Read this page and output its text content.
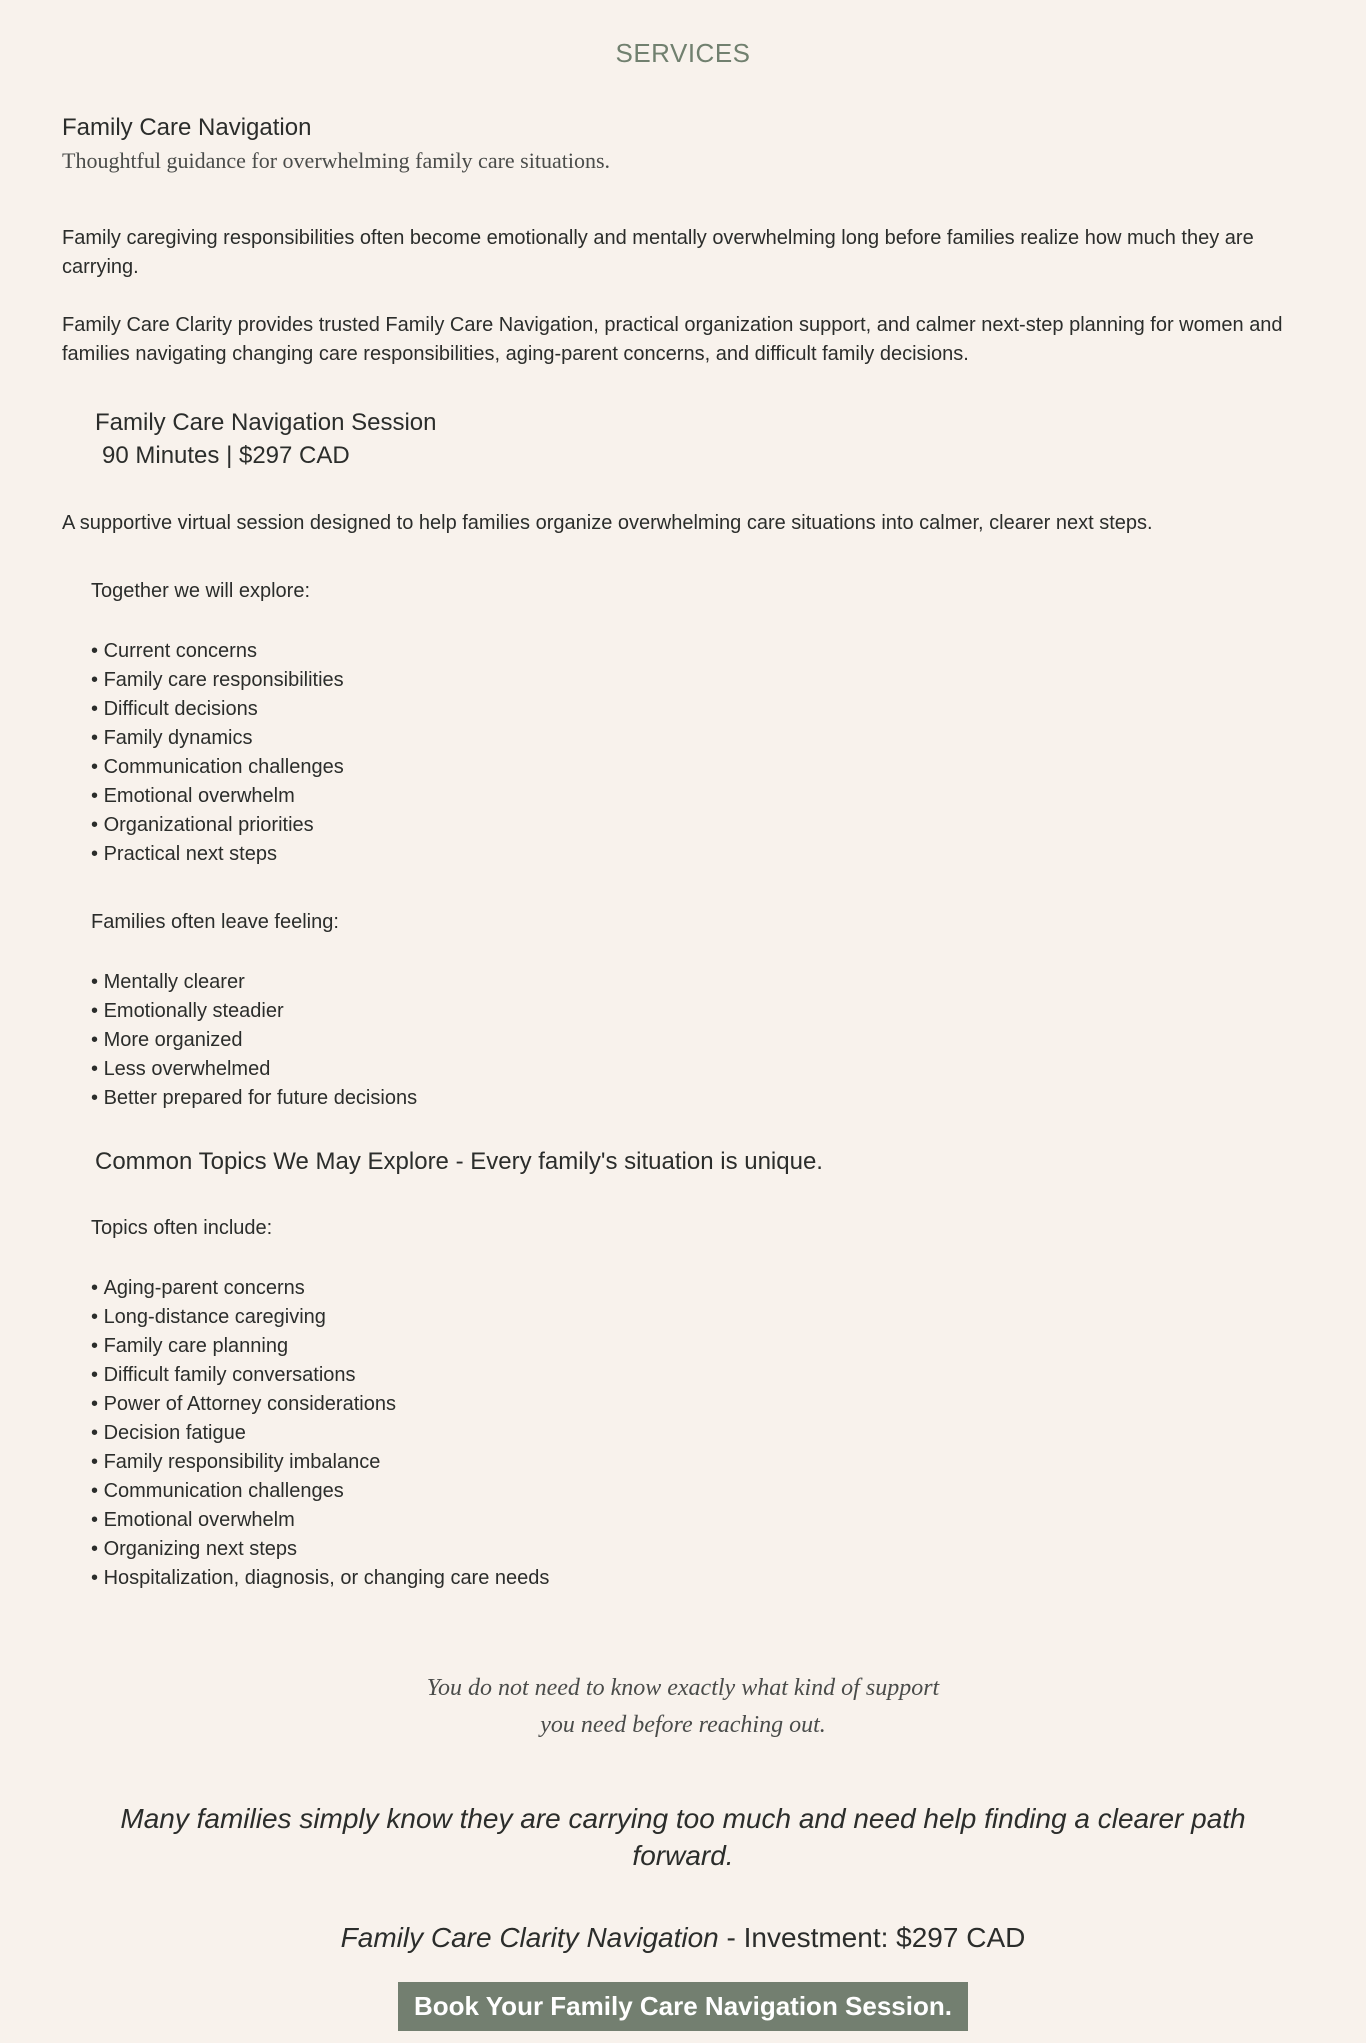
SERVICES
Family Care Navigation
Thoughtful guidance for overwhelming family care situations.
Family caregiving responsibilities often become emotionally and mentally overwhelming long before families realize how much they are carrying.
Family Care Clarity provides trusted Family Care Navigation, practical organization support, and calmer next-step planning for women and families navigating changing care responsibilities, aging-parent concerns, and difficult family decisions.
Family Care Navigation Session
90 Minutes | $297 CAD
A supportive virtual session designed to help families organize overwhelming care situations into calmer, clearer next steps.
Together we will explore:
• Current concerns
• Family care responsibilities
• Difficult decisions
• Family dynamics
• Communication challenges
• Emotional overwhelm
• Organizational priorities
• Practical next steps
Families often leave feeling:
• Mentally clearer
• Emotionally steadier
• More organized
• Less overwhelmed
• Better prepared for future decisions
Common Topics We May Explore - Every family's situation is unique.
Topics often include:
• Aging-parent concerns
• Long-distance caregiving
• Family care planning
• Difficult family conversations
• Power of Attorney considerations
• Decision fatigue
• Family responsibility imbalance
• Communication challenges
• Emotional overwhelm
• Organizing next steps
• Hospitalization, diagnosis, or changing care needs
You do not need to know exactly what kind of support
you need before reaching out.
Many families simply know they are carrying too much and need help finding a clearer path forward.
Family Care Clarity Navigation - Investment: $297 CAD
Book Your Family Care Navigation Session.
